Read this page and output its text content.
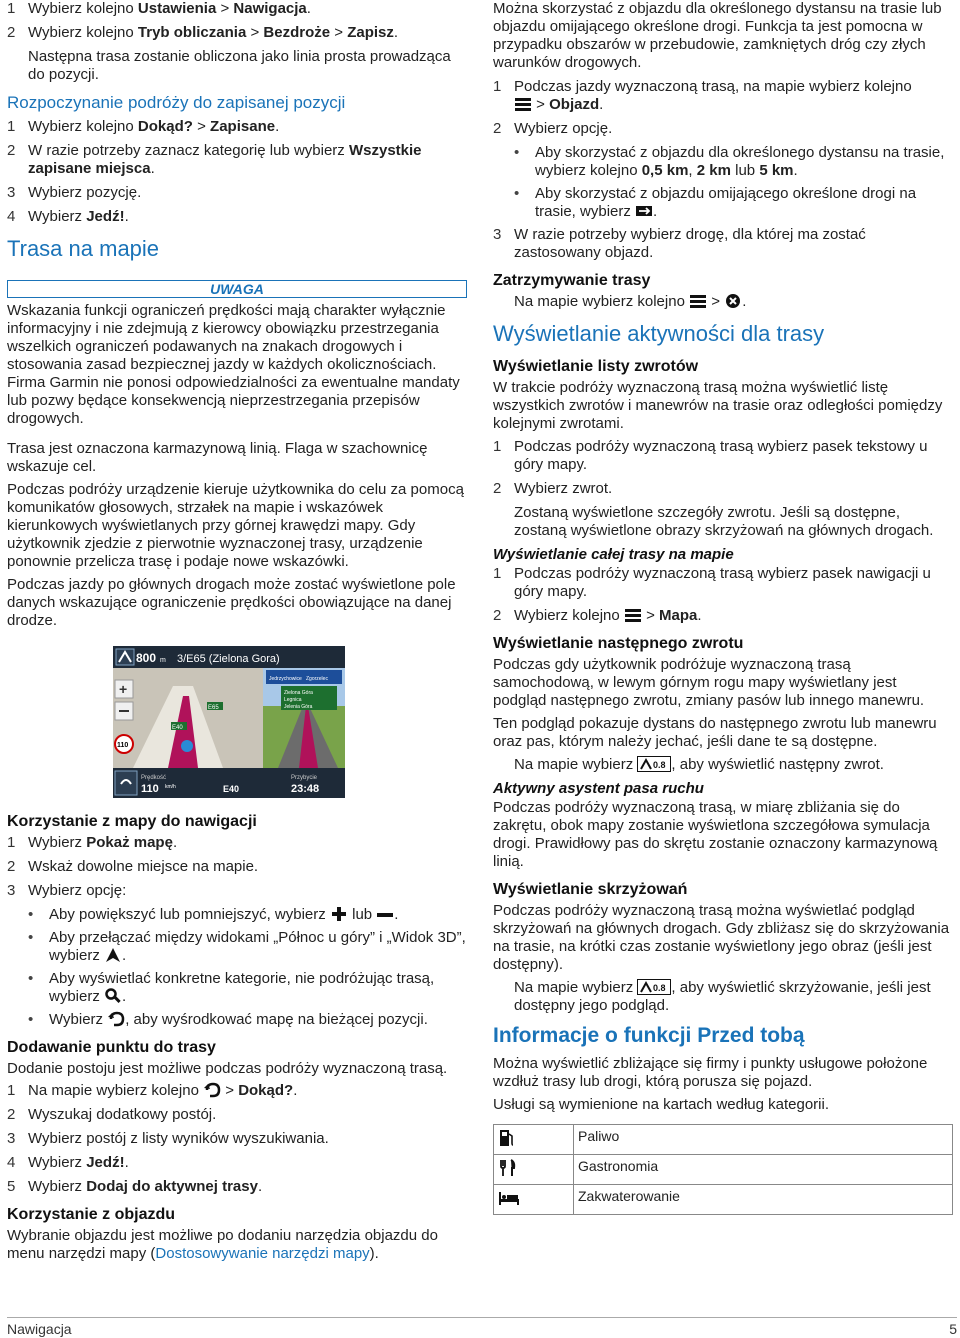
1 Wybierz kolejno Ustawienia > Nawigacja.
2 Wybierz kolejno Tryb obliczania > Bezdroże > Zapisz.

Następna trasa zostanie obliczona jako linia prosta prowadząca do pozycji.

Rozpoczynanie podróży do zapisanej pozycji
1 Wybierz kolejno Dokąd? > Zapisane.
2 W razie potrzeby zaznacz kategorię lub wybierz Wszystkie zapisane miejsca.
3 Wybierz pozycję.
4 Wybierz Jedź!.
Trasa na mapie
UWAGA

Wskazania funkcji ograniczeń prędkości mają charakter wyłącznie informacyjny i nie zdejmują z kierowcy obowiązku przestrzegania wszelkich ograniczeń podawanych na znakach drogowych i stosowania zasad bezpiecznej jazdy w każdych okolicznościach. Firma Garmin nie ponosi odpowiedzialności za ewentualne mandaty lub pozwy będące konsekwencją nieprzestrzegania przepisów drogowych.

Trasa jest oznaczona karmazynową linią. Flaga w szachownicę wskazuje cel.

Podczas podróży urządzenie kieruje użytkownika do celu za pomocą komunikatów głosowych, strzałek na mapie i wskazówek kierunkowych wyświetlanych przy górnej krawędzi mapy. Gdy użytkownik zjedzie z pierwotnie wyznaczonej trasy, urządzenie ponownie przelicza trasę i podaje nowe wskazówki.

Podczas jazdy po głównych drogach może zostać wyświetlone pole danych wskazujące ograniczenie prędkości obowiązujące na danej drodze.

800 m 3/E65 (Zielona Gora)
E65
E40
+
110
Jedrzychowice Zgorzelec
Zielona Góra
Legnica
Jelenia Góra
Prędkość
110 km/h	E40
Przybycie
23:48
Korzystanie z mapy do nawigacji
1 Wybierz Pokaż mapę.
2 Wskaż dowolne miejsce na mapie.
3 Wybierz opcję:
•	Aby powiększyć lub pomniejszyć, wybierz  lub .
•	Aby przełączać między widokami „Północ u góry” i „Widok 3D”, wybierz .
•	Aby wyświetlać konkretne kategorie, nie podróżując trasą, wybierz .
•	Wybierz , aby wyśrodkować mapę na bieżącej pozycji.
Dodawanie punktu do trasy

Dodanie postoju jest możliwe podczas podróży wyznaczoną trasą.

1 Na mapie wybierz kolejno  > Dokąd?.
2 Wyszukaj dodatkowy postój.
3 Wybierz postój z listy wyników wyszukiwania.
4 Wybierz Jedź!.
5 Wybierz Dodaj do aktywnej trasy.
Korzystanie z objazdu

Wybranie objazdu jest możliwe po dodaniu narzędzia objazdu do menu narzędzi mapy (Dostosowywanie narzędzi mapy).

Można skorzystać z objazdu dla określonego dystansu na trasie lub objazdu omijającego określone drogi. Funkcja ta jest pomocna w przypadku obszarów w przebudowie, zamkniętych dróg czy złych warunków drogowych.

1 Podczas jazdy wyznaczoną trasą, na mapie wybierz kolejno
> Objazd.
2 Wybierz opcję.
•	Aby skorzystać z objazdu dla określonego dystansu na trasie, wybierz kolejno 0,5 km, 2 km lub 5 km.
•	Aby skorzystać z objazdu omijającego określone drogi na trasie, wybierz .
3 W razie potrzeby wybierz drogę, dla której ma zostać zastosowany objazd.
Zatrzymywanie trasy

Na mapie wybierz kolejno  > .

Wyświetlanie aktywności dla trasy
Wyświetlanie listy zwrotów

W trakcie podróży wyznaczoną trasą można wyświetlić listę wszystkich zwrotów i manewrów na trasie oraz odległości pomiędzy kolejnymi zwrotami.

1 Podczas podróży wyznaczoną trasą wybierz pasek tekstowy u góry mapy.
2 Wybierz zwrot.

Zostaną wyświetlone szczegóły zwrotu. Jeśli są dostępne, zostaną wyświetlone obrazy skrzyżowań na głównych drogach.

Wyświetlanie całej trasy na mapie
1 Podczas podróży wyznaczoną trasą wybierz pasek nawigacji u góry mapy.
2 Wybierz kolejno  > Mapa.
Wyświetlanie następnego zwrotu

Podczas gdy użytkownik podróżuje wyznaczoną trasą samochodową, w lewym górnym rogu mapy wyświetlany jest podgląd następnego zwrotu, zmiany pasów lub innego manewru.

Ten podgląd pokazuje dystans do następnego zwrotu lub manewru oraz pas, którym należy jechać, jeśli dane te są dostępne.

Na mapie wybierz 0.8 , aby wyświetlić następny zwrot.

Aktywny asystent pasa ruchu

Podczas podróży wyznaczoną trasą, w miarę zbliżania się do zakrętu, obok mapy zostanie wyświetlona szczegółowa symulacja drogi. Prawidłowy pas do skrętu zostanie oznaczony karmazynową linią.

Wyświetlanie skrzyżowań

Podczas podróży wyznaczoną trasą można wyświetlać podgląd skrzyżowań na głównych drogach. Gdy zbliżasz się do skrzyżowania na trasie, na krótki czas zostanie wyświetlony jego obraz (jeśli jest dostępny).

Na mapie wybierz 0.8 , aby wyświetlić skrzyżowanie, jeśli jest dostępny jego podgląd.

Informacje o funkcji Przed tobą

Można wyświetlić zbliżające się firmy i punkty usługowe położone wzdłuż trasy lub drogi, którą porusza się pojazd.

Usługi są wymienione na kartach według kategorii.

	Paliwo
	Gastronomia
	Zakwaterowanie
Nawigacja	5
